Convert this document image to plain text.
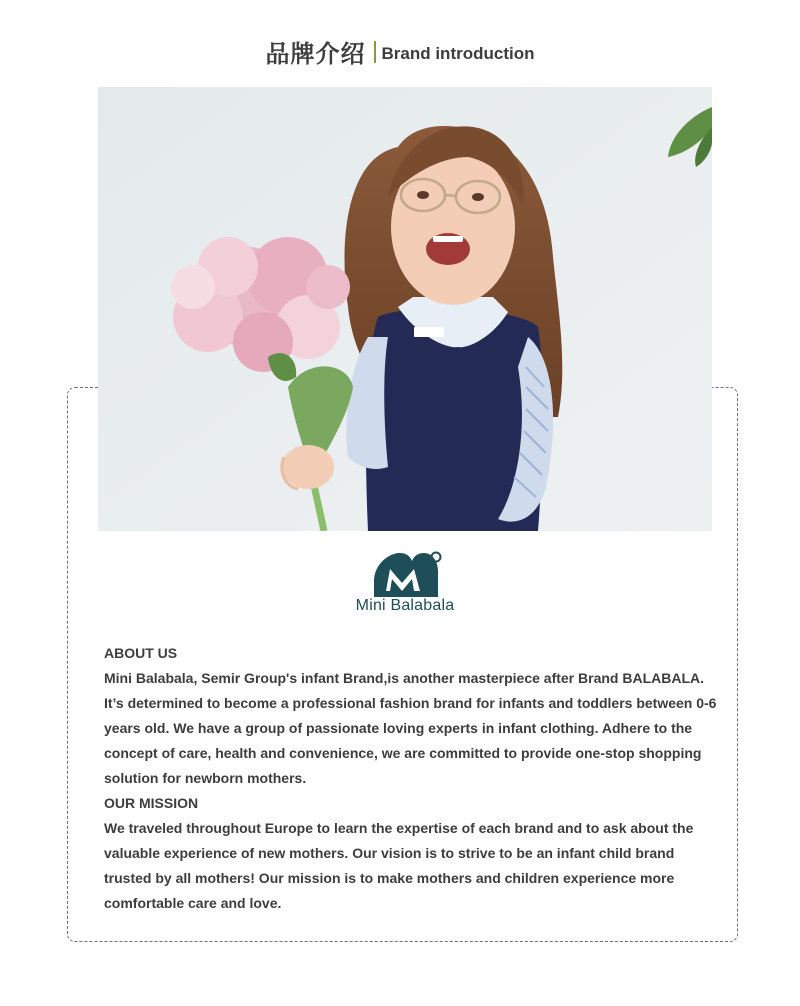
品牌介绍 Brand introduction
Mini Balabala

ABOUT US

Mini Balabala, Semir Group's infant Brand,is another masterpiece after Brand BALABALA. It’s determined to become a professional fashion brand for infants and toddlers between 0-6 years old. We have a group of passionate loving experts in infant clothing. Adhere to the concept of care, health and convenience, we are committed to provide one-stop shopping solution for newborn mothers.

OUR MISSION

We traveled throughout Europe to learn the expertise of each brand and to ask about the valuable experience of new mothers. Our vision is to strive to be an infant child brand trusted by all mothers! Our mission is to make mothers and children experience more comfortable care and love.
